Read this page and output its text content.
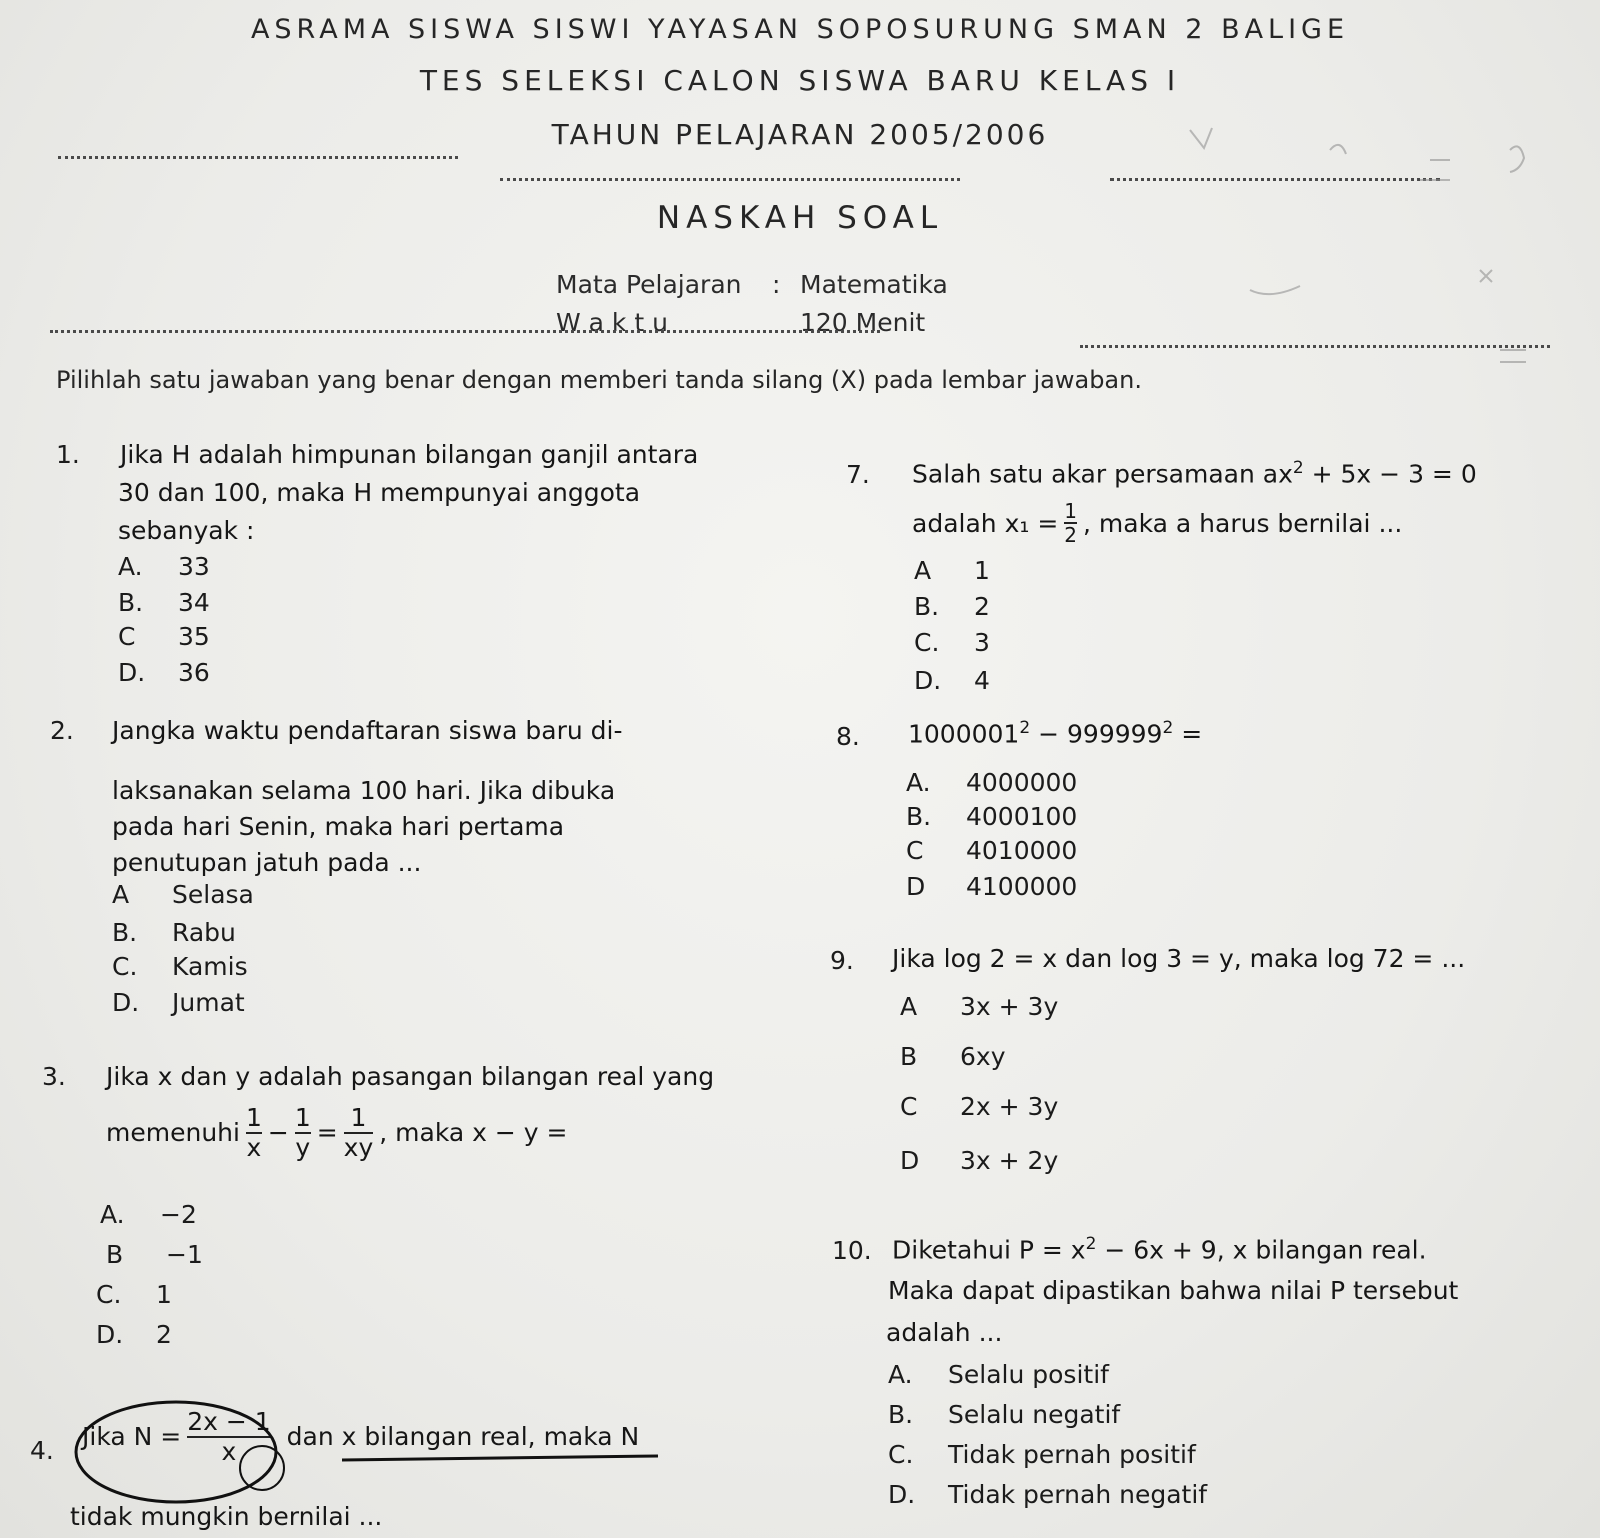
ASRAMA SISWA SISWI YAYASAN SOPOSURUNG SMAN 2 BALIGE
TES SELEKSI CALON SISWA BARU KELAS I
TAHUN PELAJARAN 2005/2006
NASKAH SOAL
Mata Pelajaran : Matematika
W a k t u	120 Menit
Pilihlah satu jawaban yang benar dengan memberi tanda silang (X) pada lembar jawaban.
1. Jika H adalah himpunan bilangan ganjil antara
30 dan 100, maka H mempunyai anggota
sebanyak :
A. 33
B. 34
C 35
D. 36
2. Jangka waktu pendaftaran siswa baru di-
laksanakan selama 100 hari. Jika dibuka
pada hari Senin, maka hari pertama
penutupan jatuh pada ...
A Selasa
B. Rabu
C. Kamis
D. Jumat
3. Jika x dan y adalah pasangan bilangan real yang
memenuhi $\frac{1}{x} - \frac{1}{y} = \frac{1}{xy}$ , maka x − y =
A. −2
B −1
C. 1
D. 2
4. Jika $N = \frac{2x - 1}{x}$ dan x bilangan real, maka N
tidak mungkin bernilai ...
7. Salah satu akar persamaan $ax^2 + 5x - 3 = 0$
adalah $x_1 = \frac{1}{2}$ , maka a harus bernilai ...
A 1
B. 2
C. 3
D. 4
8. $1000001^2 - 999999^2$ =
A. 4000000
B. 4000100
C 4010000
D 4100000
9. Jika log 2 = x dan log 3 = y, maka log 72 = ...
A 3x + 3y
B 6xy
C 2x + 3y
D 3x + 2y
10. Diketahui $P = x^2 - 6x + 9$, x bilangan real.
Maka dapat dipastikan bahwa nilai P tersebut
adalah ...
A. Selalu positif
B. Selalu negatif
C. Tidak pernah positif
D. Tidak pernah negatif
